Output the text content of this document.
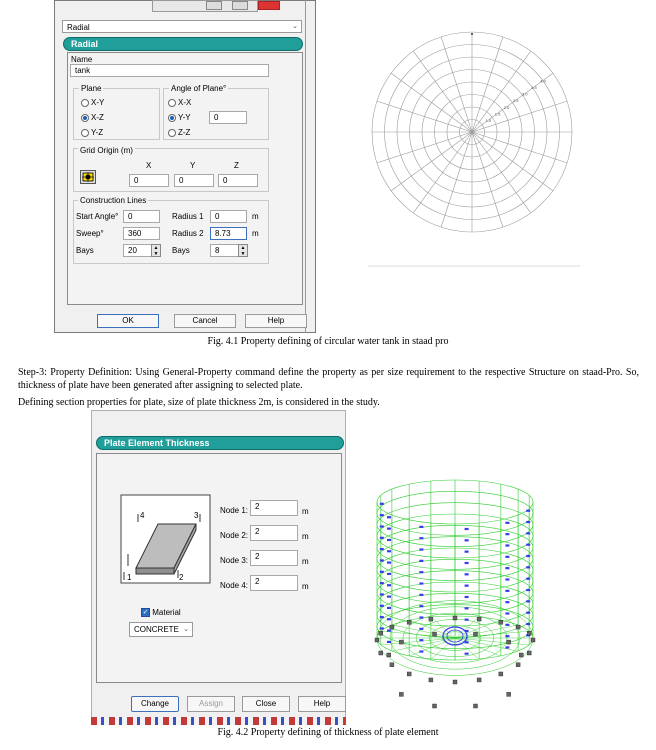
Radial	⌄
Radial
Name
tank
Plane
X-Y
X-Z
Y-Z
Angle of Plane°
X-X
Y-Y
Z-Z
0
Grid Origin (m)
X	Y	Z
0	0	0
Construction Lines
Start Angle°	0
Sweep°	360
Bays	20	▲
▼
Radius 1	0	m
Radius 2	8.73	m
Bays	8	▲
▼
OK	Cancel	Help
1.0
1.5
2.0
2.5
3.0
3.5
4.0
Fig. 4.1 Property defining of circular water tank in staad pro
Step-3: Property Definition: Using General-Property command define the property as per size requirement to the respective Structure on staad-Pro. So, thickness of plate have been generated after assigning to selected plate.
Defining section properties for plate, size of plate thickness 2m, is considered in the study.
Plate Element Thickness
4	3
1	2
Node 1: 2
m
Node 2: 2
m
Node 3: 2
m
Node 4: 2
m
✓ Material
CONCRETE ⌄
Change	Assign	Close	Help
Fig. 4.2 Property defining of thickness of plate element
